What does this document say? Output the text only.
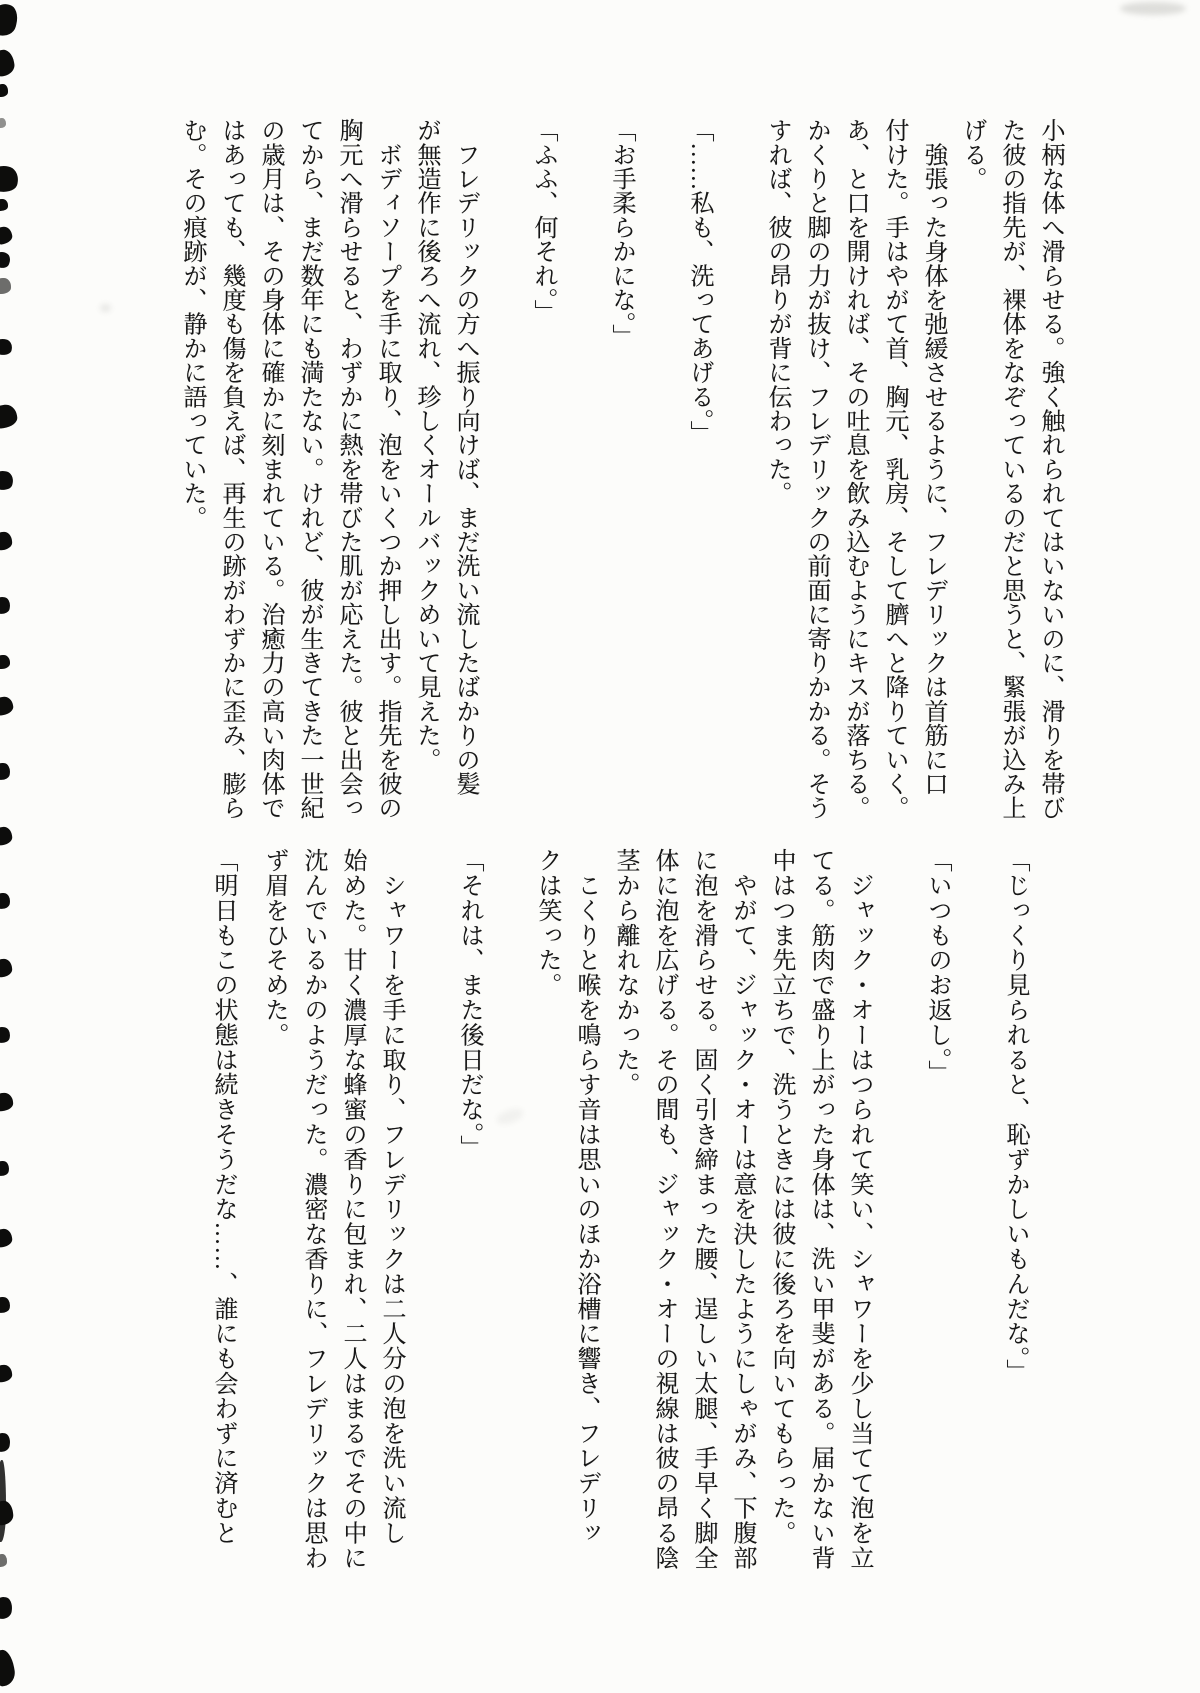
小柄な体へ滑らせる。強く触れられてはいないのに、滑りを帯び
た彼の指先が、裸体をなぞっているのだと思うと、緊張が込み上
げる。
　強張った身体を弛緩させるように、フレデリックは首筋に口
付けた。手はやがて首、胸元、乳房、そして臍へと降りていく。
あ、と口を開ければ、その吐息を飲み込むようにキスが落ちる。
かくりと脚の力が抜け、フレデリックの前面に寄りかかる。そう
すれば、彼の昂りが背に伝わった。
「……私も、洗ってあげる。」
「お手柔らかにな。」
「ふふ、何それ。」
　フレデリックの方へ振り向けば、まだ洗い流したばかりの髪
が無造作に後ろへ流れ、珍しくオールバックめいて見えた。
　ボディソープを手に取り、泡をいくつか押し出す。指先を彼の
胸元へ滑らせると、わずかに熱を帯びた肌が応えた。彼と出会っ
てから、まだ数年にも満たない。けれど、彼が生きてきた一世紀
の歳月は、その身体に確かに刻まれている。治癒力の高い肉体で
はあっても、幾度も傷を負えば、再生の跡がわずかに歪み、膨ら
む。その痕跡が、静かに語っていた。
「じっくり見られると、恥ずかしいもんだな。」
「いつものお返し。」
　ジャック・オーはつられて笑い、シャワーを少し当てて泡を立
てる。筋肉で盛り上がった身体は、洗い甲斐がある。届かない背
中はつま先立ちで、洗うときには彼に後ろを向いてもらった。
　やがて、ジャック・オーは意を決したようにしゃがみ、下腹部
に泡を滑らせる。固く引き締まった腰、逞しい太腿、手早く脚全
体に泡を広げる。その間も、ジャック・オーの視線は彼の昂る陰
茎から離れなかった。
　こくりと喉を鳴らす音は思いのほか浴槽に響き、フレデリッ
クは笑った。
「それは、また後日だな。」
　シャワーを手に取り、フレデリックは二人分の泡を洗い流し
始めた。甘く濃厚な蜂蜜の香りに包まれ、二人はまるでその中に
沈んでいるかのようだった。濃密な香りに、フレデリックは思わ
ず眉をひそめた。
「明日もこの状態は続きそうだな……、誰にも会わずに済むと
